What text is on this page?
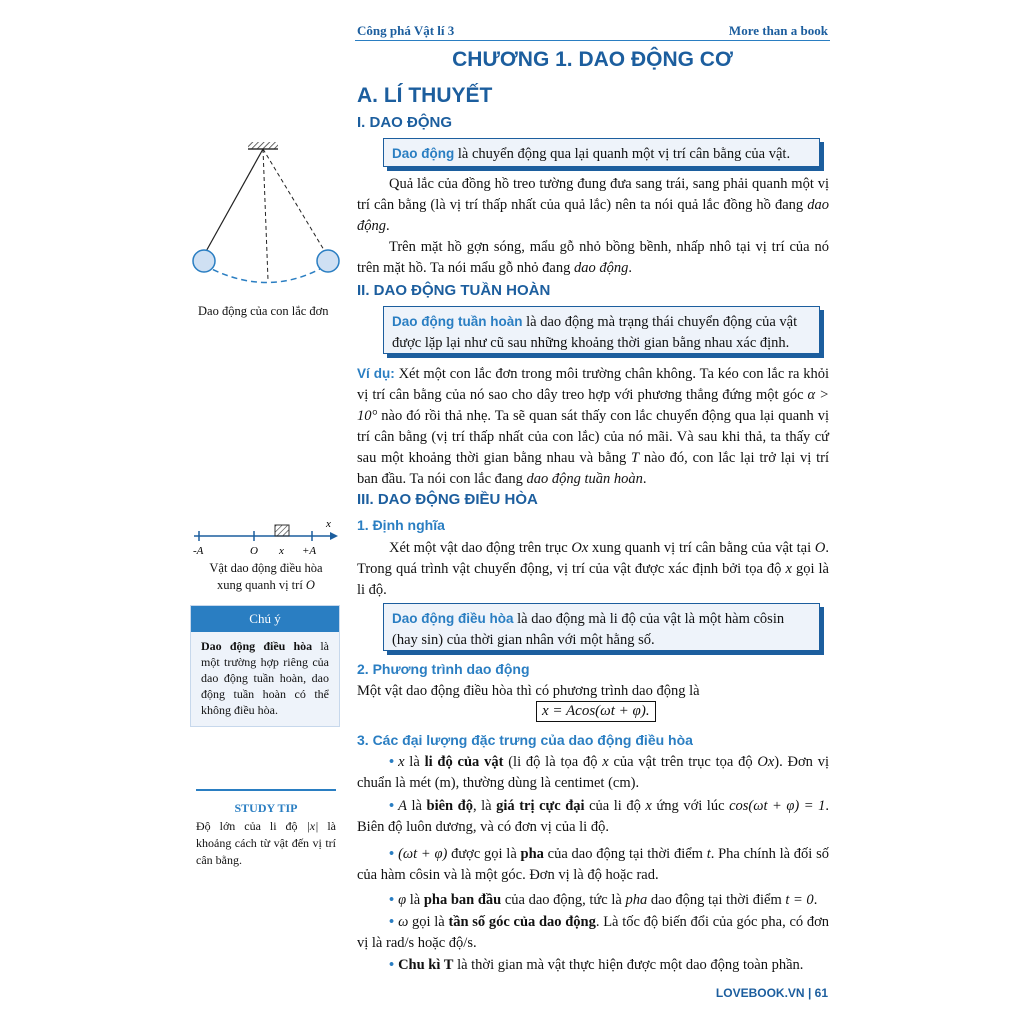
Công phá Vật lí 3	More than a book
CHƯƠNG 1. DAO ĐỘNG CƠ
A. LÍ THUYẾT
I. DAO ĐỘNG
Dao động là chuyển động qua lại quanh một vị trí cân bằng của vật.
Quả lắc của đồng hồ treo tường đung đưa sang trái, sang phải quanh một vị trí cân bằng (là vị trí thấp nhất của quả lắc) nên ta nói quả lắc đồng hồ đang dao động.
Trên mặt hồ gợn sóng, mẩu gỗ nhỏ bồng bềnh, nhấp nhô tại vị trí của nó trên mặt hồ. Ta nói mẩu gỗ nhỏ đang dao động.
II. DAO ĐỘNG TUẦN HOÀN
Dao động tuần hoàn là dao động mà trạng thái chuyển động của vật được lặp lại như cũ sau những khoảng thời gian bằng nhau xác định.
Ví dụ: Xét một con lắc đơn trong môi trường chân không. Ta kéo con lắc ra khỏi vị trí cân bằng của nó sao cho dây treo hợp với phương thẳng đứng một góc α > 10° nào đó rồi thả nhẹ. Ta sẽ quan sát thấy con lắc chuyển động qua lại quanh vị trí cân bằng (vị trí thấp nhất của con lắc) của nó mãi. Và sau khi thả, ta thấy cứ sau một khoảng thời gian bằng nhau và bằng T nào đó, con lắc lại trở lại vị trí ban đầu. Ta nói con lắc đang dao động tuần hoàn.
III. DAO ĐỘNG ĐIỀU HÒA
1. Định nghĩa
Xét một vật dao động trên trục Ox xung quanh vị trí cân bằng của vật tại O. Trong quá trình vật chuyển động, vị trí của vật được xác định bởi tọa độ x gọi là li độ.
Dao động điều hòa là dao động mà li độ của vật là một hàm côsin (hay sin) của thời gian nhân với một hằng số.
2. Phương trình dao động
Một vật dao động điều hòa thì có phương trình dao động là
x = Acos(ωt + φ).
3. Các đại lượng đặc trưng của dao động điều hòa
• x là li độ của vật (li độ là tọa độ x của vật trên trục tọa độ Ox). Đơn vị chuẩn là mét (m), thường dùng là centimet (cm).
• A là biên độ, là giá trị cực đại của li độ x ứng với lúc cos(ωt + φ) = 1. Biên độ luôn dương, và có đơn vị của li độ.
• (ωt + φ) được gọi là pha của dao động tại thời điểm t. Pha chính là đối số của hàm côsin và là một góc. Đơn vị là độ hoặc rad.
• φ là pha ban đầu của dao động, tức là pha dao động tại thời điểm t = 0.
• ω gọi là tần số góc của dao động. Là tốc độ biến đổi của góc pha, có đơn vị là rad/s hoặc độ/s.
• Chu kì T là thời gian mà vật thực hiện được một dao động toàn phần.
Dao động của con lắc đơn
x
-A	O x +A
Vật dao động điều hòa
xung quanh vị trí O
Chú ý
Dao động điều hòa là một trường hợp riêng của dao động tuần hoàn, dao động tuần hoàn có thể không điều hòa.
STUDY TIP
Độ lớn của li độ |x| là khoảng cách từ vật đến vị trí cân bằng.
LOVEBOOK.VN | 61
